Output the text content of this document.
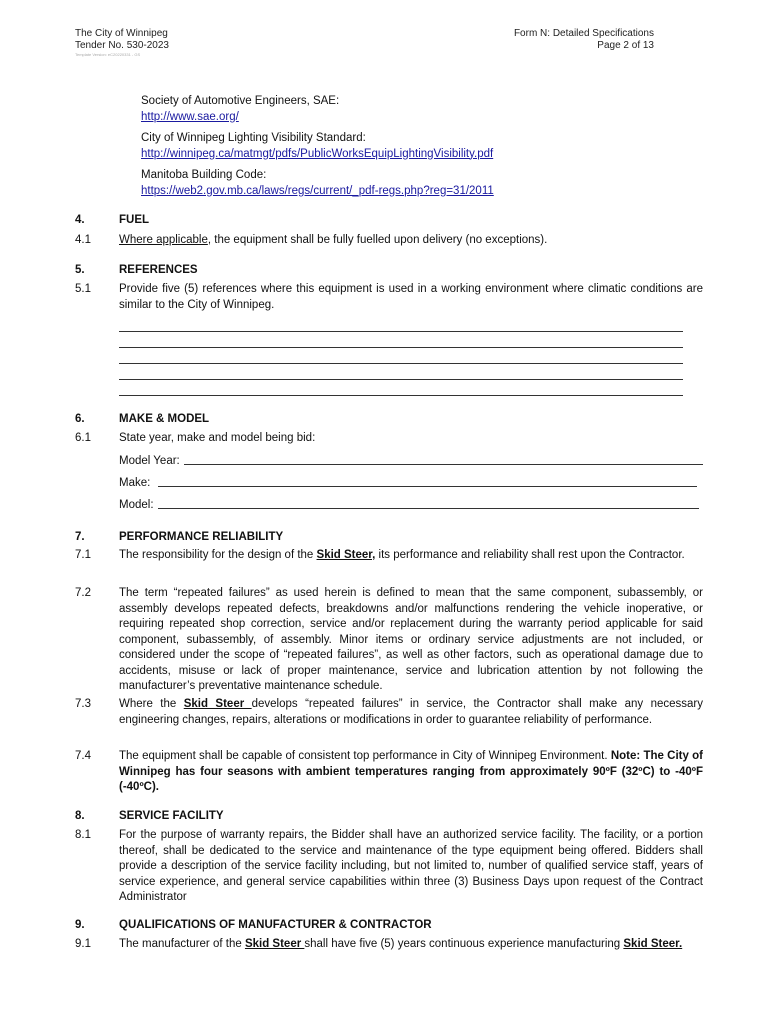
The City of Winnipeg
Tender No. 530-2023
Template Version: eC20220331 - GS
Form N: Detailed Specifications
Page 2 of 13
Society of Automotive Engineers, SAE:
http://www.sae.org/
City of Winnipeg Lighting Visibility Standard:
http://winnipeg.ca/matmgt/pdfs/PublicWorksEquipLightingVisibility.pdf
Manitoba Building Code:
https://web2.gov.mb.ca/laws/regs/current/_pdf-regs.php?reg=31/2011
4.	FUEL
4.1 Where applicable, the equipment shall be fully fuelled upon delivery (no exceptions).
5.	REFERENCES
5.1 Provide five (5) references where this equipment is used in a working environment where climatic conditions are similar to the City of Winnipeg.
6.	MAKE & MODEL
6.1 State year, make and model being bid:
Model Year:
Make:
Model:
7.	PERFORMANCE RELIABILITY
7.1 The responsibility for the design of the Skid Steer, its performance and reliability shall rest upon the Contractor.
7.2 The term “repeated failures” as used herein is defined to mean that the same component, subassembly, or assembly develops repeated defects, breakdowns and/or malfunctions rendering the vehicle inoperative, or requiring repeated shop correction, service and/or replacement during the warranty period applicable for said component, subassembly, of assembly. Minor items or ordinary service adjustments are not included, or considered under the scope of “repeated failures”, as well as other factors, such as operational damage due to accidents, misuse or lack of proper maintenance, service and lubrication attention by not following the manufacturer’s preventative maintenance schedule.
7.3 Where the Skid Steer develops “repeated failures” in service, the Contractor shall make any necessary engineering changes, repairs, alterations or modifications in order to guarantee reliability of performance.
7.4 The equipment shall be capable of consistent top performance in City of Winnipeg Environment. Note: The City of Winnipeg has four seasons with ambient temperatures ranging from approximately 90ºF (32ºC) to -40ºF (-40ºC).
8.	SERVICE FACILITY
8.1 For the purpose of warranty repairs, the Bidder shall have an authorized service facility. The facility, or a portion thereof, shall be dedicated to the service and maintenance of the type equipment being offered. Bidders shall provide a description of the service facility including, but not limited to, number of qualified service staff, years of service experience, and general service capabilities within three (3) Business Days upon request of the Contract Administrator
9.	QUALIFICATIONS OF MANUFACTURER & CONTRACTOR
9.1 The manufacturer of the Skid Steer shall have five (5) years continuous experience manufacturing Skid Steer.
